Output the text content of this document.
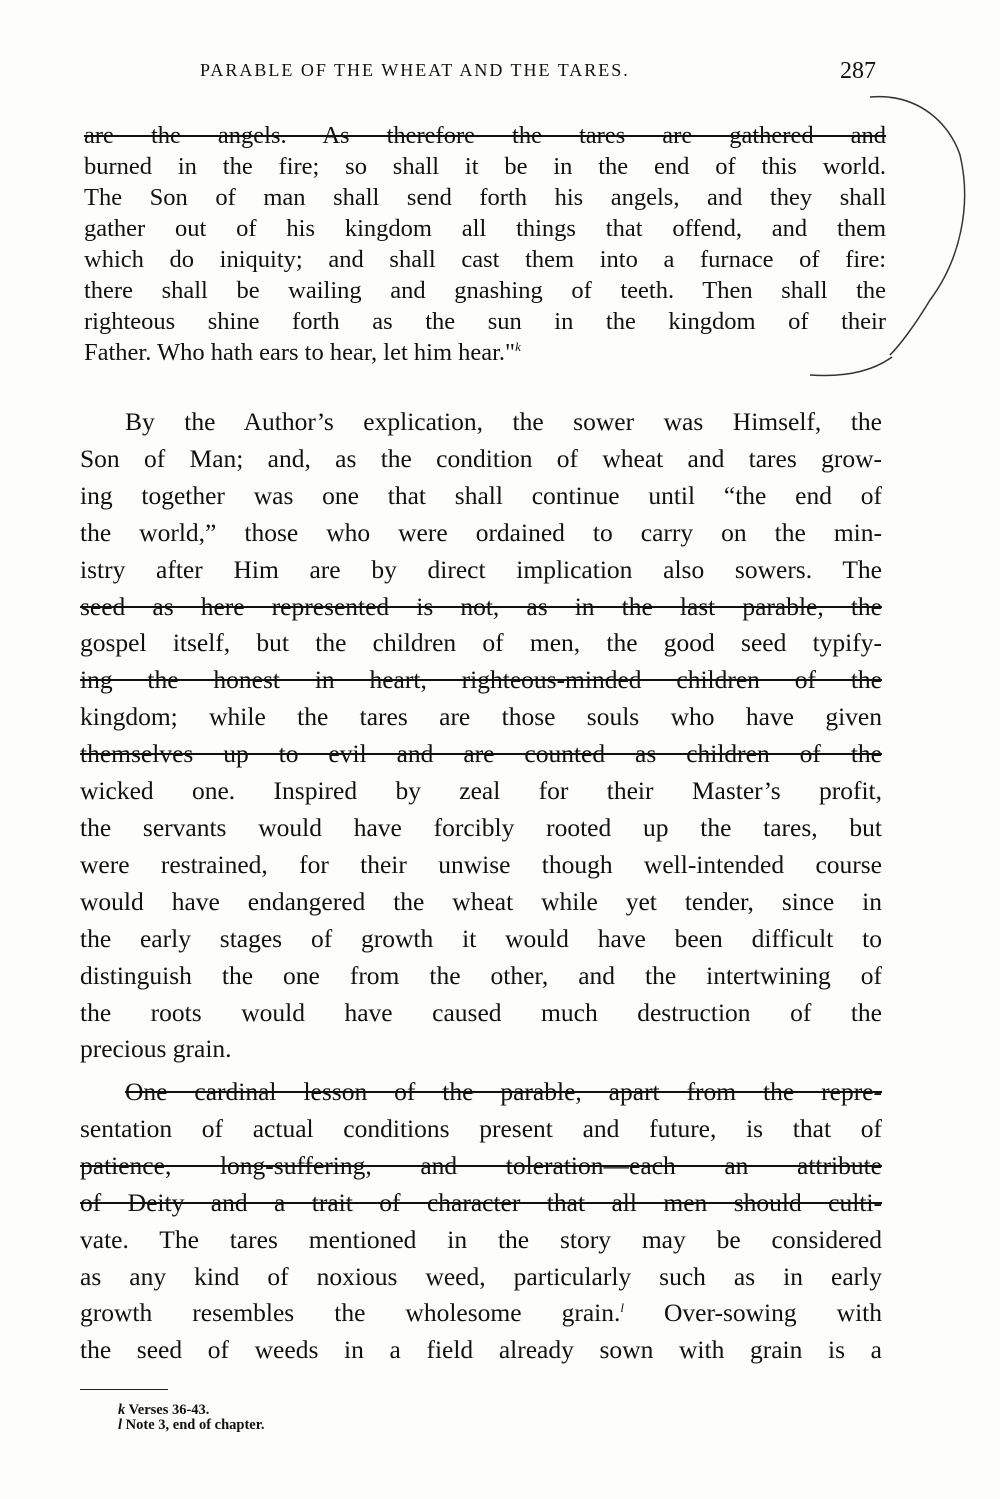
PARABLE OF THE WHEAT AND THE TARES.	287
are the angels. As therefore the tares are gathered and
burned in the fire; so shall it be in the end of this world.
The Son of man shall send forth his angels, and they shall
gather out of his kingdom all things that offend, and them
which do iniquity; and shall cast them into a furnace of fire:
there shall be wailing and gnashing of teeth. Then shall the
righteous shine forth as the sun in the kingdom of their
Father. Who hath ears to hear, let him hear."$^k$
By the Author’s explication, the sower was Himself, the
Son of Man; and, as the condition of wheat and tares grow-
ing together was one that shall continue until “the end of
the world,” those who were ordained to carry on the min-
istry after Him are by direct implication also sowers. The
seed as here represented is not, as in the last parable, the
gospel itself, but the children of men, the good seed typify-
ing the honest in heart, righteous-minded children of the
kingdom; while the tares are those souls who have given
themselves up to evil and are counted as children of the
wicked one. Inspired by zeal for their Master’s profit,
the servants would have forcibly rooted up the tares, but
were restrained, for their unwise though well-intended course
would have endangered the wheat while yet tender, since in
the early stages of growth it would have been difficult to
distinguish the one from the other, and the intertwining of
the roots would have caused much destruction of the
precious grain.
One cardinal lesson of the parable, apart from the repre-
sentation of actual conditions present and future, is that of
patience, long-suffering, and toleration—each an attribute
of Deity and a trait of character that all men should culti-
vate. The tares mentioned in the story may be considered
as any kind of noxious weed, particularly such as in early
growth resembles the wholesome grain.$^l$ Over-sowing with
the seed of weeds in a field already sown with grain is a
k Verses 36-43.
l Note 3, end of chapter.
